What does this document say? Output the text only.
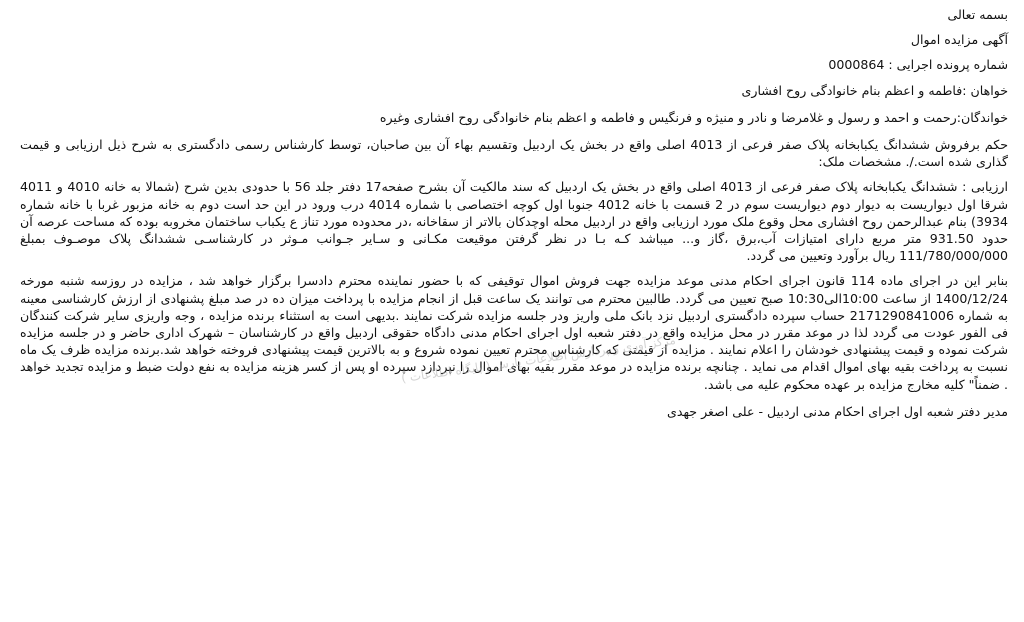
بسمه تعالی

آگهی مزایده اموال

شماره پرونده اجرایی : 0000864

خواهان :فاطمه و اعظم بنام خانوادگی روح افشاری

خواندگان:رحمت و احمد و رسول و غلامرضا و نادر و منیژه و فرنگیس و فاطمه و اعظم بنام خانوادگی روح افشاری وغیره

حکم برفروش ششدانگ یکبابخانه پلاک صفر فرعی از 4013 اصلی واقع در بخش یک اردبیل وتقسیم بهاء آن بین صاحبان، توسط کارشناس رسمی دادگستری به شرح ذیل ارزیابی و قیمت گذاری شده است./. مشخصات ملک:

ارزیابی : ششدانگ یکبابخانه پلاک صفر فرعی از 4013 اصلی واقع در بخش یک اردبیل که سند مالکیت آن بشرح صفحه17 دفتر جلد 56 با حدودی بدین شرح (شمالا به خانه 4010 و 4011 شرقا اول دیواریست به دیوار دوم دیواریست سوم در 2 قسمت با خانه 4012 جنوبا اول کوچه اختصاصی با شماره 4014 درب ورود در این حد است دوم به خانه مزبور غربا با خانه شماره 3934) بنام عبدالرحمن روح افشاری محل وقوع ملک مورد ارزیابی واقع در اردبیل محله اوچدکان بالاتر از سقاخانه ،در محدوده مورد تناز ع یکباب ساختمان مخروبه بوده که مساحت عرصه آن حدود 931.50 متر مربع دارای امتیازات آب،برق ،گاز و... میباشد کـه بـا در نظر گرفتن موقیعت مکـانی و سـایر جـوانب مـوثر در کارشناسـی ششدانگ پلاک موصـوف بمبلغ 111/780/000/000 ریال برآورد وتعیین می گردد.

بنابر این در اجرای ماده 114 قانون اجرای احکام مدنی موعد مزایده جهت فروش اموال توقیفی که با حضور نماینده محترم دادسرا برگزار خواهد شد ، مزایده در روزسه شنبه مورخه 1400/12/24 از ساعت 10:00الی10:30 صبح تعیین می گردد. طالبین محترم می توانند یک ساعت قبل از انجام مزایده با پرداخت میزان ده در صد مبلغ پشنهادی از ارزش کارشناسی معینه به شماره 2171290841006 حساب سپرده دادگستری اردبیل نزد بانک ملی واریز ودر جلسه مزایده شرکت نمایند .بدیهی است به استثناء برنده مزایده ، وجه واریزی سایر شرکت کنندگان فی الفور عودت می گردد لذا در موعد مقرر در محل مزایده واقع در دفتر شعبه اول اجرای احکام مدنی دادگاه حقوقی اردبیل واقع در کارشناسان – شهرک اداری حاضر و در جلسه مزایده شرکت نموده و قیمت پیشنهادی خودشان را اعلام نمایند . مزایده از قیمتی که کارشناس محترم تعیین نموده شروع و به بالاترین قیمت پیشنهادی فروخته خواهد شد.برنده مزایده ظرف یک ماه نسبت به پرداخت بقیه بهای اموال اقدام می نماید . چنانچه برنده مزایده در موعد مقرر بقیه بهای اموال را نپردازد سپرده او پس از کسر هزینه مزایده به نفع دولت ضبط و مزایده تجدید خواهد . ضمناً" کلیه مخارج مزایده بر عهده محکوم علیه می باشد.

مدیر دفتر شعبه اول اجرای احکام مدنی اردبیل - علی اصغر جهدی

مرکز آوری و پردازش اطلاعات پارس ( پایگاه اطلاعات )
